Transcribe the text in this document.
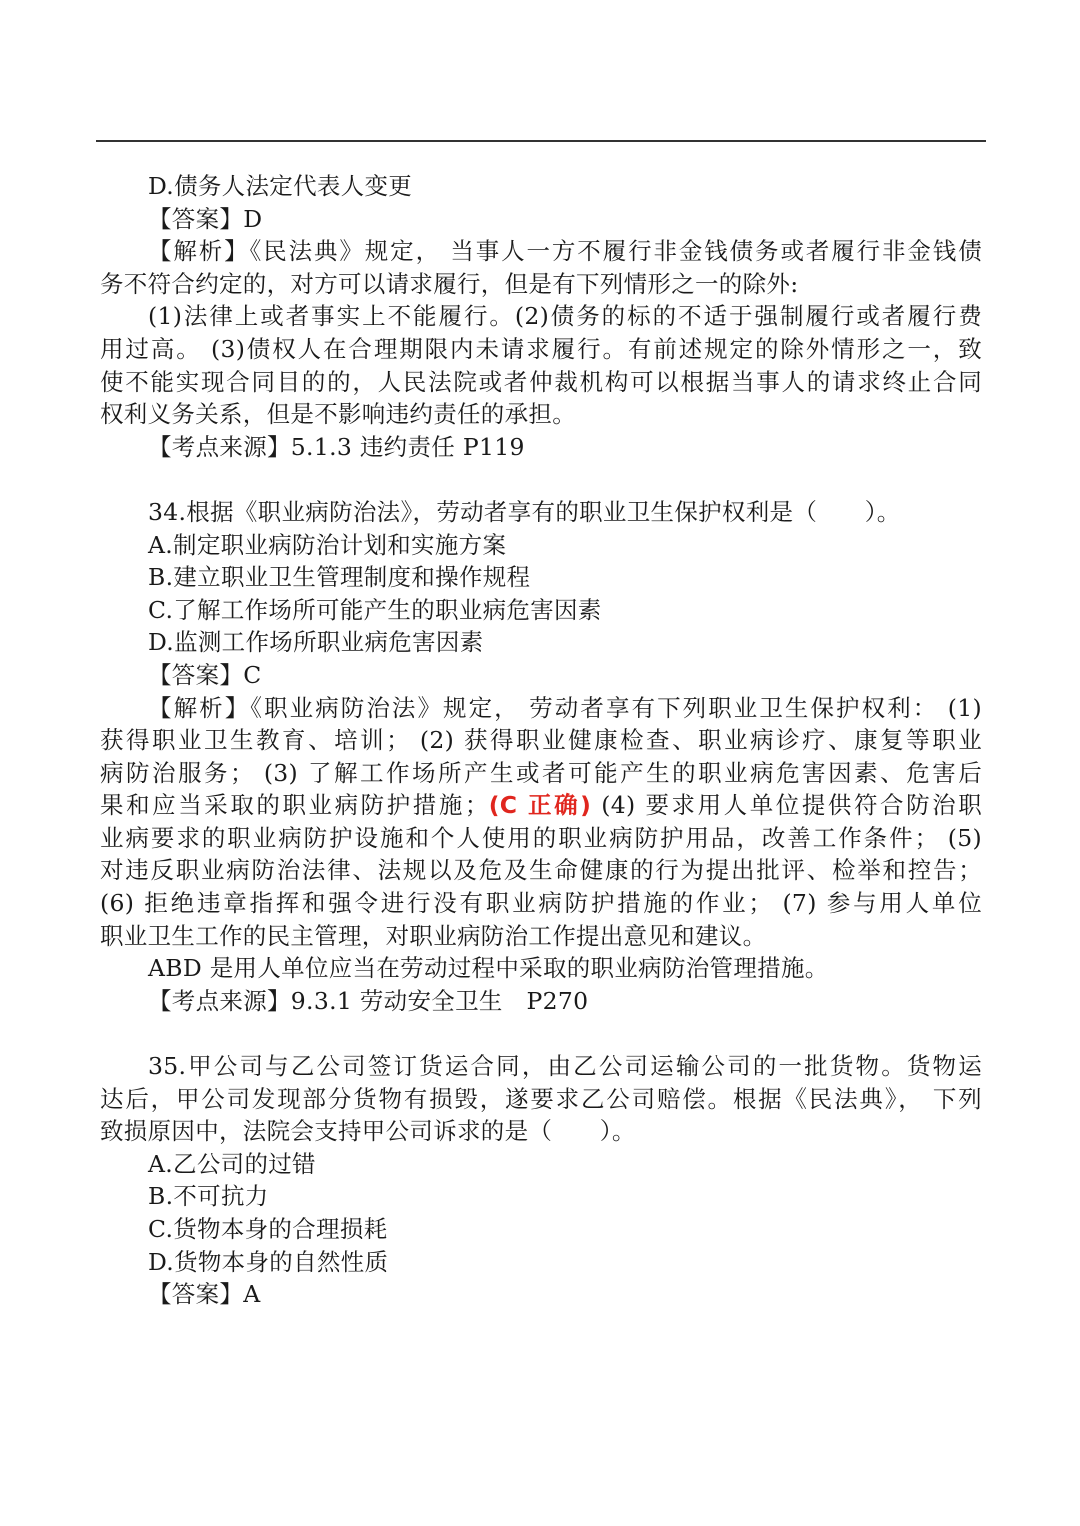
D.债务人法定代表人变更
【答案】D
【解析】《民法典》规定， 当事人一方不履行非金钱债务或者履行非金钱债
务不符合约定的，对方可以请求履行，但是有下列情形之一的除外:
(1)法律上或者事实上不能履行。(2)债务的标的不适于强制履行或者履行费
用过高。 (3)债权人在合理期限内未请求履行。有前述规定的除外情形之一，致
使不能实现合同目的的，人民法院或者仲裁机构可以根据当事人的请求终止合同
权利义务关系，但是不影响违约责任的承担。
【考点来源】5.1.3 违约责任 P119
34.根据《职业病防治法》，劳动者享有的职业卫生保护权利是（　　）。
A.制定职业病防治计划和实施方案
B.建立职业卫生管理制度和操作规程
C.了解工作场所可能产生的职业病危害因素
D.监测工作场所职业病危害因素
【答案】C
【解析】《职业病防治法》规定， 劳动者享有下列职业卫生保护权利： (1)
获得职业卫生教育、培训； (2) 获得职业健康检查、职业病诊疗、康复等职业
病防治服务； (3) 了解工作场所产生或者可能产生的职业病危害因素、危害后
果和应当采取的职业病防护措施；(C 正确) (4) 要求用人单位提供符合防治职
业病要求的职业病防护设施和个人使用的职业病防护用品，改善工作条件； (5)
对违反职业病防治法律、法规以及危及生命健康的行为提出批评、检举和控告；
(6) 拒绝违章指挥和强令进行没有职业病防护措施的作业； (7) 参与用人单位
职业卫生工作的民主管理，对职业病防治工作提出意见和建议。
ABD 是用人单位应当在劳动过程中采取的职业病防治管理措施。
【考点来源】9.3.1 劳动安全卫生　P270
35.甲公司与乙公司签订货运合同，由乙公司运输公司的一批货物。货物运
达后，甲公司发现部分货物有损毁，遂要求乙公司赔偿。根据《民法典》， 下列
致损原因中，法院会支持甲公司诉求的是（　　）。
A.乙公司的过错
B.不可抗力
C.货物本身的合理损耗
D.货物本身的自然性质
【答案】A
